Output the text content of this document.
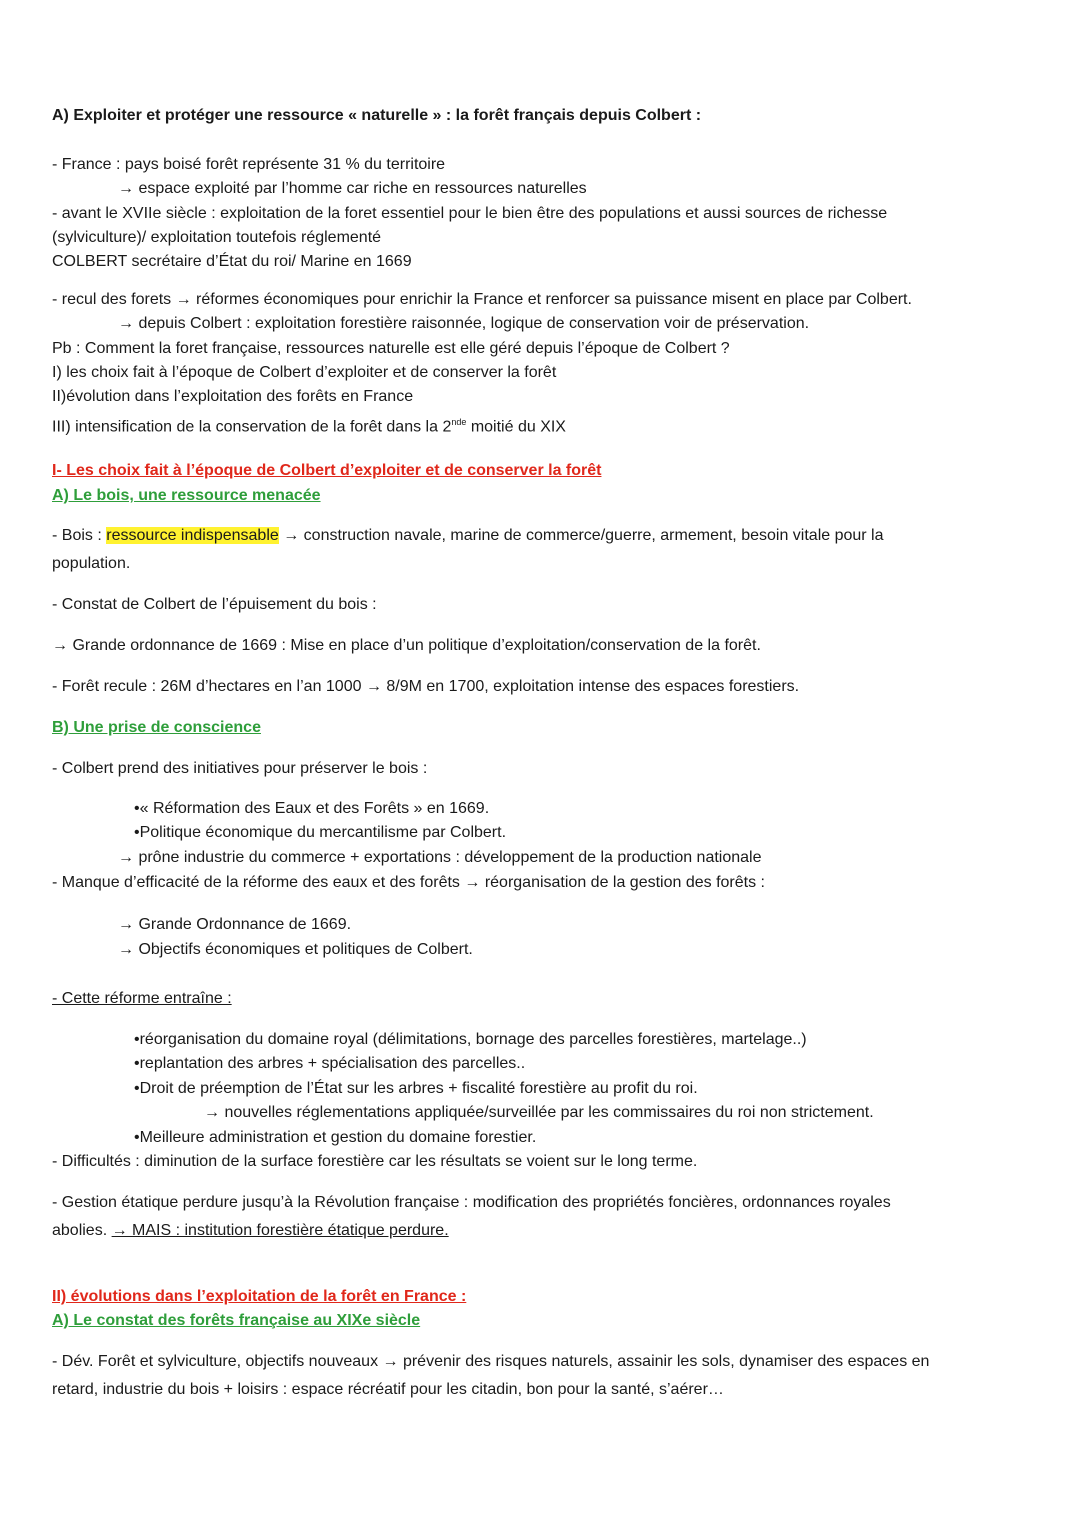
A) Exploiter et protéger une ressource « naturelle » : la forêt français depuis Colbert :
- France : pays boisé forêt représente 31 % du territoire
→ espace exploité par l’homme car riche en ressources naturelles
- avant le XVIIe siècle : exploitation de la foret essentiel pour le bien être des populations et aussi sources de richesse
(sylviculture)/ exploitation toutefois réglementé
COLBERT secrétaire d’État du roi/ Marine en 1669
- recul des forets → réformes économiques pour enrichir la France et renforcer sa puissance misent en place par Colbert.
→ depuis Colbert : exploitation forestière raisonnée, logique de conservation voir de préservation.
Pb : Comment la foret française, ressources naturelle est elle géré depuis l’époque de Colbert ?
I) les choix fait à l’époque de Colbert d’exploiter et de conserver la forêt
II)évolution dans l’exploitation des forêts en France
III) intensification de la conservation de la forêt dans la 2nde moitié du XIX
I- Les choix fait à l’époque de Colbert d’exploiter et de conserver la forêt
A) Le bois, une ressource menacée
- Bois : ressource indispensable → construction navale, marine de commerce/guerre, armement, besoin vitale pour la
population.
- Constat de Colbert de l’épuisement du bois :
→ Grande ordonnance de 1669 : Mise en place d’un politique d’exploitation/conservation de la forêt.
- Forêt recule : 26M d’hectares en l’an 1000 → 8/9M en 1700, exploitation intense des espaces forestiers.
B) Une prise de conscience
- Colbert prend des initiatives pour préserver le bois :
•« Réformation des Eaux et des Forêts » en 1669.
•Politique économique du mercantilisme par Colbert.
→ prône industrie du commerce + exportations : développement de la production nationale
- Manque d’efficacité de la réforme des eaux et des forêts → réorganisation de la gestion des forêts :
→ Grande Ordonnance de 1669.
→ Objectifs économiques et politiques de Colbert.
- Cette réforme entraîne :
•réorganisation du domaine royal (délimitations, bornage des parcelles forestières, martelage..)
•replantation des arbres + spécialisation des parcelles..
•Droit de préemption de l’État sur les arbres + fiscalité forestière au profit du roi.
→ nouvelles réglementations appliquée/surveillée par les commissaires du roi non strictement.
•Meilleure administration et gestion du domaine forestier.
- Difficultés : diminution de la surface forestière car les résultats se voient sur le long terme.
- Gestion étatique perdure jusqu’à la Révolution française : modification des propriétés foncières, ordonnances royales
abolies. → MAIS : institution forestière étatique perdure.
II) évolutions dans l’exploitation de la forêt en France :
A) Le constat des forêts française au XIXe siècle
- Dév. Forêt et sylviculture, objectifs nouveaux → prévenir des risques naturels, assainir les sols, dynamiser des espaces en
retard, industrie du bois + loisirs : espace récréatif pour les citadin, bon pour la santé, s’aérer…
